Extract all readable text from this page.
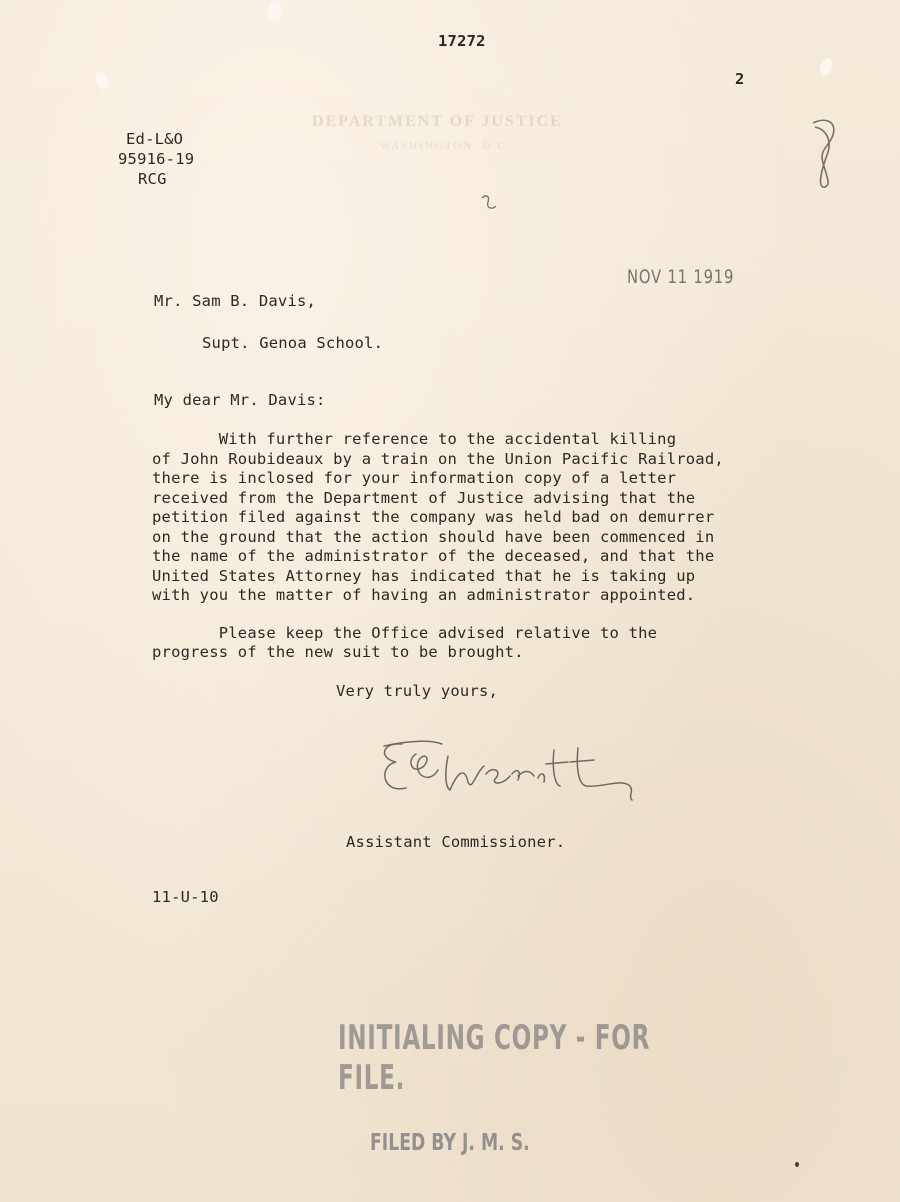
17272
2
Ed-L&O
95916-19
RCG
DEPARTMENT OF JUSTICE
WASHINGTON, D.C.
NOV 11 1919
Mr. Sam B. Davis,
Supt. Genoa School.
My dear Mr. Davis:
With further reference to the accidental killing
of John Roubideaux by a train on the Union Pacific Railroad,
there is inclosed for your information copy of a letter
received from the Department of Justice advising that the
petition filed against the company was held bad on demurrer
on the ground that the action should have been commenced in
the name of the administrator of the deceased, and that the
United States Attorney has indicated that he is taking up
with you the matter of having an administrator appointed.
Please keep the Office advised relative to the
progress of the new suit to be brought.
Very truly yours,
Assistant Commissioner.
11-U-10
INITIALING COPY - FOR FILE.
FILED BY J. M. S.
